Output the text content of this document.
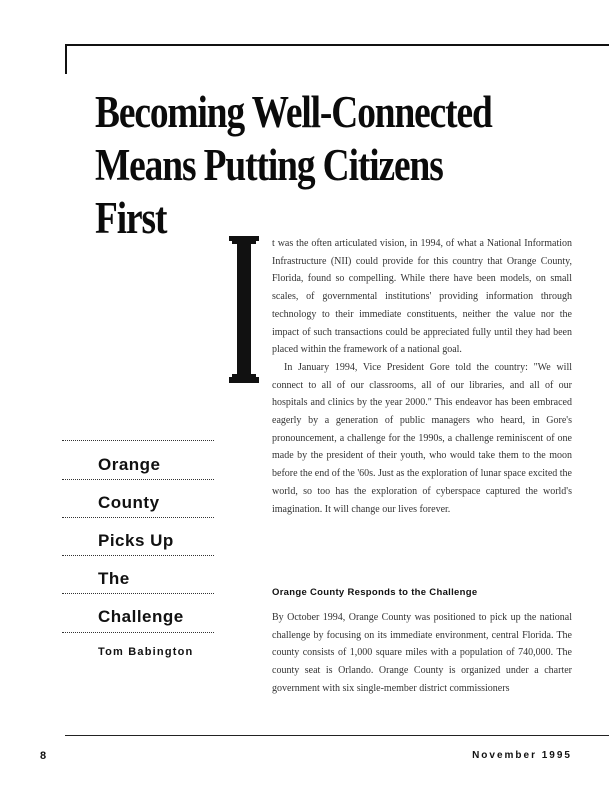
Becoming Well-Connected
Means Putting Citizens First

Orange

County

Picks Up

The

Challenge

Tom Babington

t was the often articulated vision, in 1994, of what a National Information Infrastructure (NII) could provide for this country that Orange County, Florida, found so compelling. While there have been models, on small scales, of governmental institutions' providing information through technology to their immediate constituents, neither the value nor the impact of such transactions could be appreciated fully until they had been placed within the framework of a national goal.

In January 1994, Vice President Gore told the country: "We will connect to all of our classrooms, all of our libraries, and all of our hospitals and clinics by the year 2000." This endeavor has been embraced eagerly by a generation of public managers who heard, in Gore's pronouncement, a challenge for the 1990s, a challenge reminiscent of one made by the president of their youth, who would take them to the moon before the end of the '60s. Just as the exploration of lunar space excited the world, so too has the exploration of cyberspace captured the world's imagination. It will change our lives forever.

Orange County Responds to the Challenge

By October 1994, Orange County was positioned to pick up the national challenge by focusing on its immediate environment, central Florida. The county consists of 1,000 square miles with a population of 740,000. The county seat is Orlando. Orange County is organized under a charter government with six single-member district commissioners

8	November 1995
